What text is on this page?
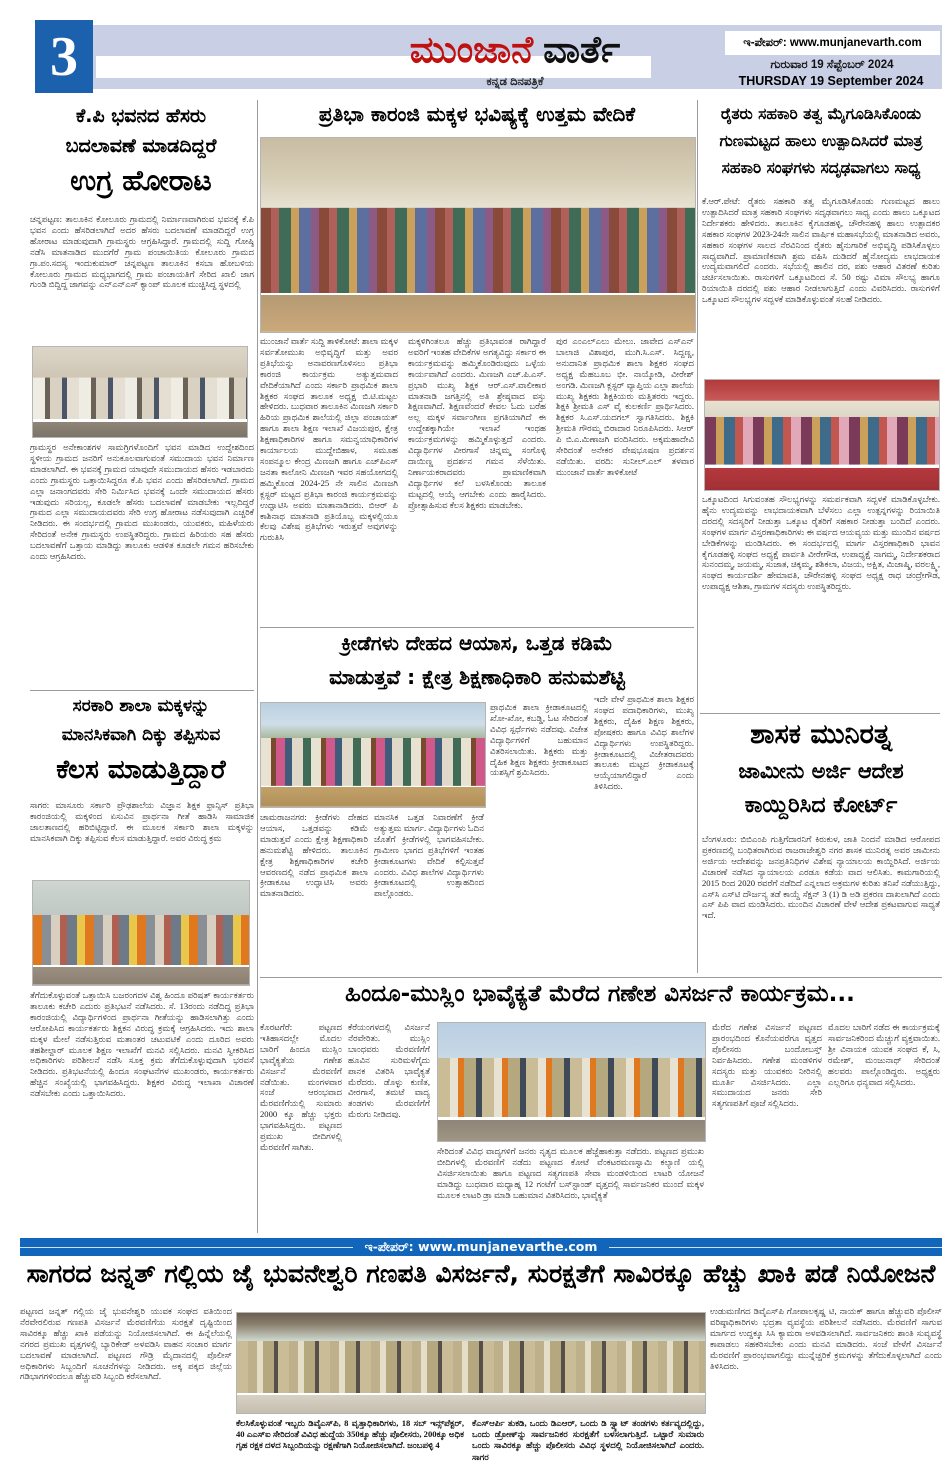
3	ಮುಂಜಾನೆ ವಾರ್ತೆ
ಕನ್ನಡ ದಿನಪತ್ರಿಕೆ
ಇ-ಪೇಪರ್: www.munjanevarth.com
ಗುರುವಾರ 19 ಸೆಪ್ಟೆಂಬರ್ 2024
THURSDAY 19 September 2024
ಕೆ.ಪಿ ಭವನದ ಹೆಸರು
ಬದಲಾವಣೆ ಮಾಡದಿದ್ದರೆ
ಉಗ್ರ ಹೋರಾಟ
ಚನ್ನಪಟ್ಟಣ: ತಾಲೂಕಿನ ಕೋಲೂರು ಗ್ರಾಮದಲ್ಲಿ ನಿರ್ಮಾಣವಾಗಿರುವ ಭವನಕ್ಕೆ ಕೆ.ಪಿ ಭವನ ಎಂದು ಹೆಸರಿಡಲಾಗಿದೆ ಅದರ ಹೆಸರು ಬದಲಾವಣೆ ಮಾಡದಿದ್ದರೆ ಉಗ್ರ ಹೋರಾಟ ಮಾಡುವುದಾಗಿ ಗ್ರಾಮಸ್ಥರು ಆಗ್ರಹಿಸಿದ್ದಾರೆ. ಗ್ರಾಮದಲ್ಲಿ ಸುದ್ದಿ ಗೋಷ್ಠಿ ನಡೆಸಿ ಮಾತನಾಡಿದ ಮುದಗೆರೆ ಗ್ರಾಮ ಪಂಚಾಯಿತಿಯ ಕೋಲೂರು ಗ್ರಾಮದ ಗ್ರಾ.ಪಂ.ಸದಸ್ಯ ಇಂದುಕುಮಾರ್ ಚನ್ನಪಟ್ಟಣ ತಾಲೂಕಿನ ಕಸಬಾ ಹೋಬಳಿಯ ಕೋಲೂರು ಗ್ರಾಮದ ಮಧ್ಯಭಾಗದಲ್ಲಿ ಗ್ರಾಮ ಪಂಚಾಯತಿಗೆ ಸೇರಿದ ಖಾಲಿ ಜಾಗ ಗುಂಡಿ ಬಿದ್ದಿದ್ದ ಜಾಗವನ್ನು ಎನ್‌ಎನ್‌ಎಸ್ ಕ್ಯಾಂಪ್ ಮೂಲಕ ಮುಚ್ಚಿಸಿದ್ದ ಸ್ಥಳದಲ್ಲಿ
ಗ್ರಾಮಸ್ಥರ ಅನೇಕಾಂಶಗಳ ಸಾಮಗ್ರಿಗಳೊಂದಿಗೆ ಭವನ ಮಾಡಿದ ಉದ್ದೇಶದಿಂದ ಸ್ಥಳೀಯ ಗ್ರಾಮದ ಜನರಿಗೆ ಅನುಕೂಲವಾಗುವಂತೆ ಸಮುದಾಯ ಭವನ ನಿರ್ಮಾಣ ಮಾಡಲಾಗಿದೆ. ಈ ಭವನಕ್ಕೆ ಗ್ರಾಮದ ಯಾವುದೇ ಸಮುದಾಯದ ಹೆಸರು ಇಡಬಾರದು ಎಂದು ಗ್ರಾಮಸ್ಥರು ಒತ್ತಾಯಿಸಿದ್ದರೂ ಕೆ.ಪಿ ಭವನ ಎಂದು ಹೆಸರಿಡಲಾಗಿದೆ. ಗ್ರಾಮದ ಎಲ್ಲಾ ಜನಾಂಗದವರು ಸೇರಿ ನಿರ್ಮಿಸಿದ ಭವನಕ್ಕೆ ಒಂದೇ ಸಮುದಾಯದ ಹೆಸರು ಇಡುವುದು ಸರಿಯಲ್ಲ, ಕೂಡಲೇ ಹೆಸರು ಬದಲಾವಣೆ ಮಾಡಬೇಕು ಇಲ್ಲದಿದ್ದರೆ ಗ್ರಾಮದ ಎಲ್ಲಾ ಸಮುದಾಯದವರು ಸೇರಿ ಉಗ್ರ ಹೋರಾಟ ನಡೆಸುವುದಾಗಿ ಎಚ್ಚರಿಕೆ ನೀಡಿದರು. ಈ ಸಂದರ್ಭದಲ್ಲಿ ಗ್ರಾಮದ ಮುಖಂಡರು, ಯುವಕರು, ಮಹಿಳೆಯರು ಸೇರಿದಂತೆ ಅನೇಕ ಗ್ರಾಮಸ್ಥರು ಉಪಸ್ಥಿತರಿದ್ದರು. ಗ್ರಾಮದ ಹಿರಿಯರು ಸಹ ಹೆಸರು ಬದಲಾವಣೆಗೆ ಒತ್ತಾಯ ಮಾಡಿದ್ದು ತಾಲೂಕು ಆಡಳಿತ ಕೂಡಲೇ ಗಮನ ಹರಿಸಬೇಕು ಎಂದು ಆಗ್ರಹಿಸಿದರು.
ಸರಕಾರಿ ಶಾಲಾ ಮಕ್ಕಳನ್ನು
ಮಾನಸಿಕವಾಗಿ ದಿಕ್ಕು ತಪ್ಪಿಸುವ
ಕೆಲಸ ಮಾಡುತ್ತಿದ್ದಾರೆ
ಸಾಗರ: ಮಾಸೂರು ಸರ್ಕಾರಿ ಪ್ರೌಢಶಾಲೆಯ ವಿಜ್ಞಾನ ಶಿಕ್ಷಕ ಫ್ರಾನ್ಸಿಸ್ ಪ್ರತಿಭಾ ಕಾರಂಜಿಯಲ್ಲಿ ಮಕ್ಕಳಿಂದ ಏಸುವಿನ ಪ್ರಾರ್ಥನಾ ಗೀತೆ ಹಾಡಿಸಿ ಸಾಮಾಜಿಕ ಜಾಲತಾಣದಲ್ಲಿ ಹರಿಬಿಟ್ಟಿದ್ದಾರೆ. ಈ ಮೂಲಕ ಸರ್ಕಾರಿ ಶಾಲಾ ಮಕ್ಕಳನ್ನು ಮಾನಸಿಕವಾಗಿ ದಿಕ್ಕು ತಪ್ಪಿಸುವ ಕೆಲಸ ಮಾಡುತ್ತಿದ್ದಾರೆ. ಅವರ ವಿರುದ್ಧ ಕ್ರಮ
ತೆಗೆದುಕೊಳ್ಳುವಂತೆ ಒತ್ತಾಯಿಸಿ ಬಜರಂಗದಳ ವಿಶ್ವ ಹಿಂದೂ ಪರಿಷತ್ ಕಾರ್ಯಕರ್ತರು ತಾಲೂಕು ಕಚೇರಿ ಎದುರು ಪ್ರತಿಭಟನೆ ನಡೆಸಿದರು. ಸೆ. 13ರಂದು ನಡೆದಿದ್ದ ಪ್ರತಿಭಾ ಕಾರಂಜಿಯಲ್ಲಿ ವಿದ್ಯಾರ್ಥಿಗಳಿಂದ ಪ್ರಾರ್ಥನಾ ಗೀತೆಯನ್ನು ಹಾಡಿಸಲಾಗಿತ್ತು ಎಂದು ಆರೋಪಿಸಿದ ಕಾರ್ಯಕರ್ತರು ಶಿಕ್ಷಕನ ವಿರುದ್ಧ ಕ್ರಮಕ್ಕೆ ಆಗ್ರಹಿಸಿದರು. ಇದು ಶಾಲಾ ಮಕ್ಕಳ ಮೇಲೆ ನಡೆಸುತ್ತಿರುವ ಮತಾಂತರ ಚಟುವಟಿಕೆ ಎಂದು ದೂರಿದ ಅವರು ತಹಶೀಲ್ದಾರ್ ಮೂಲಕ ಶಿಕ್ಷಣ ಇಲಾಖೆಗೆ ಮನವಿ ಸಲ್ಲಿಸಿದರು. ಮನವಿ ಸ್ವೀಕರಿಸಿದ ಅಧಿಕಾರಿಗಳು ಪರಿಶೀಲನೆ ನಡೆಸಿ ಸೂಕ್ತ ಕ್ರಮ ತೆಗೆದುಕೊಳ್ಳುವುದಾಗಿ ಭರವಸೆ ನೀಡಿದರು. ಪ್ರತಿಭಟನೆಯಲ್ಲಿ ಹಿಂದೂ ಸಂಘಟನೆಗಳ ಮುಖಂಡರು, ಕಾರ್ಯಕರ್ತರು ಹೆಚ್ಚಿನ ಸಂಖ್ಯೆಯಲ್ಲಿ ಭಾಗವಹಿಸಿದ್ದರು. ಶಿಕ್ಷಕರ ವಿರುದ್ಧ ಇಲಾಖಾ ವಿಚಾರಣೆ ನಡೆಸಬೇಕು ಎಂದು ಒತ್ತಾಯಿಸಿದರು.
ಪ್ರತಿಭಾ ಕಾರಂಜಿ ಮಕ್ಕಳ ಭವಿಷ್ಯಕ್ಕೆ ಉತ್ತಮ ವೇದಿಕೆ
ಮುಂಜಾನೆ ವಾರ್ತೆ ಸುದ್ದಿ ತಾಳಿಕೋಟೆ: ಶಾಲಾ ಮಕ್ಕಳ ಸರ್ವತೋಮುಖ ಅಭಿವೃದ್ಧಿಗೆ ಮತ್ತು ಅವರ ಪ್ರತಿಭೆಯನ್ನು ಅನಾವರಣಗೊಳಿಸಲು ಪ್ರತಿಭಾ ಕಾರಂಜಿ ಕಾರ್ಯಕ್ರಮ ಅತ್ಯುತ್ತಮವಾದ ವೇದಿಕೆಯಾಗಿದೆ ಎಂದು ಸರ್ಕಾರಿ ಪ್ರಾಥಮಿಕ ಶಾಲಾ ಶಿಕ್ಷಕರ ಸಂಘದ ತಾಲೂಕ ಅಧ್ಯಕ್ಷ ಬಿ.ಟಿ.ಮಟ್ಟಲ ಹೇಳಿದರು. ಬುಧವಾರ ತಾಲೂಕಿನ ಮಿಣಜಗಿ ಸರ್ಕಾರಿ ಹಿರಿಯ ಪ್ರಾಥಮಿಕ ಶಾಲೆಯಲ್ಲಿ ಜಿಲ್ಲಾ ಪಂಚಾಯತ್ ಹಾಗೂ ಶಾಲಾ ಶಿಕ್ಷಣ ಇಲಾಖೆ ವಿಜಯಪುರ, ಕ್ಷೇತ್ರ ಶಿಕ್ಷಣಾಧಿಕಾರಿಗಳ ಹಾಗೂ ಸಮನ್ವಯಾಧಿಕಾರಿಗಳ ಕಾರ್ಯಾಲಯ ಮುದ್ದೇಬಿಹಾಳ, ಸಮೂಹ ಸಂಪನ್ಮೂಲ ಕೇಂದ್ರ ಮಿಣಜಗಿ ಹಾಗೂ ಎಚ್‌ಪಿಎಸ್ ಜನತಾ ಕಾಲೋನಿ ಮಿಣಜಗಿ ಇವರ ಸಹಯೋಗದಲ್ಲಿ ಹಮ್ಮಿಕೊಂಡ 2024-25 ನೇ ಸಾಲಿನ ಮಿಣಜಗಿ ಕ್ಲಸ್ಟರ್ ಮಟ್ಟದ ಪ್ರತಿಭಾ ಕಾರಂಜಿ ಕಾರ್ಯಕ್ರಮವನ್ನು ಉದ್ಘಾಟಿಸಿ ಅವರು ಮಾತಾನಾಡಿದರು. ಬಿಆರ್ ಪಿ ಕಾಶಿನಾಥ ಮಾತನಾಡಿ ಪ್ರತಿಯೊಬ್ಬ ಮಕ್ಕಳಲ್ಲಿಯೂ ಕೆಲವು ವಿಶೇಷ ಪ್ರತಿಭೆಗಳು ಇರುತ್ತವೆ ಅವುಗಳನ್ನು ಗುರುತಿಸಿ
ಮಕ್ಕಳಿಗಿಂತಲೂ ಹೆಚ್ಚು ಪ್ರತಿಭಾವಂತ ರಾಗಿದ್ದಾರೆ ಅವರಿಗೆ ಇಂತಹ ವೇದಿಕೆಗಳ ಅಗತ್ಯವಿದ್ದು ಸರ್ಕಾರ ಈ ಕಾರ್ಯಕ್ರಮವನ್ನು ಹಮ್ಮಿಕೊಂಡಿರುವುದು ಒಳ್ಳೆಯ ಕಾರ್ಯವಾಗಿದೆ ಎಂದರು. ಮಿಣಜಗಿ ಎಚ್.ಪಿ.ಎಸ್. ಪ್ರಭಾರಿ ಮುಖ್ಯ ಶಿಕ್ಷಕ ಆರ್.ಎಸ್.ವಾಲೀಕಾರ ಮಾತನಾಡಿ ಜಗತ್ತಿನಲ್ಲಿ ಅತಿ ಶ್ರೇಷ್ಠವಾದ ವಸ್ತು ಶಿಕ್ಷಣವಾಗಿದೆ. ಶಿಕ್ಷಣವೆಂದರೆ ಕೇವಲ ಓದು ಬರೆಹ ಅಲ್ಲ ಮಕ್ಕಳ ಸರ್ವಾಂಗೀಣ ಪ್ರಗತಿಯಾಗಿದೆ ಈ ಉದ್ದೇಶಕ್ಕಾಗಿಯೇ ಇಲಾಖೆ ಇಂಥಹ ಕಾರ್ಯಕ್ರಮಗಳನ್ನು ಹಮ್ಮಿಕೊಳ್ಳುತ್ತದೆ ಎಂದರು. ವಿದ್ಯಾರ್ಥಿಗಳ ವೀರಗಾಸೆ ಚಿನ್ನಮ್ಮ ಸಂಗೊಳ್ಳಿ ದಾಯಿಣ್ಣ ಪ್ರದರ್ಶನ ಗಮನ ಸೆಳೆಯಿತು. ನಿರ್ಣಾಯಕರಾದವರು ಪ್ರಾಮಾಣಿಕವಾಗಿ ವಿದ್ಯಾರ್ಥಿಗಳ ಕಲೆ ಬಳಸಿಕೊಂಡು ತಾಲೂಕ ಮಟ್ಟದಲ್ಲಿ ಆಯ್ಕೆ ಆಗಬೇಕು ಎಂದು ಹಾರೈಸಿದರು. ಪ್ರೋತ್ಸಾಹಿಸುವ ಕೆಲಸ ಶಿಕ್ಷಕರು ಮಾಡಬೇಕು.
ಪುರ ಎಂಎಲ್‌ಎಲು ಮೇಲು. ಜಾವೇದ ಎಸ್‌ಎನ್ ಬಾಲಾಜಿ ವಿಶಾಪುರ, ಮುಗಿ.ಸಿ.ಎಸ್. ಸಿದ್ದಣ್ಣ, ಅನುದಾನಿತ ಪ್ರಾಥಮಿಕ ಶಾಲಾ ಶಿಕ್ಷಕರ ಸಂಘದ ಅಧ್ಯಕ್ಷ ಮೆಹಬೂಬ ಭೀ. ನಾಯ್ಕೋಡಿ, ವೀರೇಶ್ ಅಂಗಡಿ. ಮಿಣಜಗಿ ಕ್ಲಸ್ಟರ್ ವ್ಯಾಪ್ತಿಯ ಎಲ್ಲಾ ಶಾಲೆಯ ಮುಖ್ಯ ಶಿಕ್ಷಕರು ಶಿಕ್ಷಕಿಯರು ಮತ್ತಿತರರು ಇದ್ದರು. ಶಿಕ್ಷಕಿ ಶ್ರೀಮತಿ ಎಸ್ ವೈ ಕುಲಕರ್ಣಿ ಪ್ರಾರ್ಥಿಸಿದರು. ಶಿಕ್ಷಕರ ಸಿ.ಎಸ್.ಯದಗಲ್ ಸ್ವಾಗತಿಸಿದರು. ಶಿಕ್ಷಕಿ ಶ್ರೀಮತಿ ಗೌರಮ್ಮ ಬಿರಾದಾರ ನಿರೂಪಿಸಿದರು. ಸಿಆರ್ ಪಿ ಬಿ.ಎ.ಮಿಣಾಜಗಿ ವಂದಿಸಿದರು. ಅಕ್ಕಮಹಾದೇವಿ ಸೇರಿದಂತೆ ಅನೇಕರ ವೇಷಭೂಷಣ ಪ್ರದರ್ಶನ ನಡೆಯಿತು. ವರದಿ: ಸುನೀಲ್.ಎಲ್ ತಳವಾರ ಮುಂಜಾನೆ ವಾರ್ತೆ ತಾಳಿಕೋಟೆ
ಕ್ರೀಡೆಗಳು ದೇಹದ ಆಯಾಸ, ಒತ್ತಡ ಕಡಿಮೆ
ಮಾಡುತ್ತವೆ : ಕ್ಷೇತ್ರ ಶಿಕ್ಷಣಾಧಿಕಾರಿ ಹನುಮಶೆಟ್ಟಿ
ಚಾಮರಾಜನಗರ: ಕ್ರೀಡೆಗಳು ದೇಹದ ಆಯಾಸ, ಒತ್ತಡವನ್ನು ಕಡಿಮೆ ಮಾಡುತ್ತವೆ ಎಂದು ಕ್ಷೇತ್ರ ಶಿಕ್ಷಣಾಧಿಕಾರಿ ಹನುಮಶೆಟ್ಟಿ ಹೇಳಿದರು. ತಾಲೂಕಿನ ಕ್ಷೇತ್ರ ಶಿಕ್ಷಣಾಧಿಕಾರಿಗಳ ಕಚೇರಿ ಆವರಣದಲ್ಲಿ ನಡೆದ ಪ್ರಾಥಮಿಕ ಶಾಲಾ ಕ್ರೀಡಾಕೂಟ ಉದ್ಘಾಟಿಸಿ ಅವರು ಮಾತನಾಡಿದರು.
ಮಾನಸಿಕ ಒತ್ತಡ ನಿವಾರಣೆಗೆ ಕ್ರೀಡೆ ಅತ್ಯುತ್ತಮ ಮಾರ್ಗ. ವಿದ್ಯಾರ್ಥಿಗಳು ಓದಿನ ಜೊತೆಗೆ ಕ್ರೀಡೆಗಳಲ್ಲಿ ಭಾಗವಹಿಸಬೇಕು. ಗ್ರಾಮೀಣ ಭಾಗದ ಪ್ರತಿಭೆಗಳಿಗೆ ಇಂತಹ ಕ್ರೀಡಾಕೂಟಗಳು ವೇದಿಕೆ ಕಲ್ಪಿಸುತ್ತವೆ ಎಂದರು. ವಿವಿಧ ಶಾಲೆಗಳ ವಿದ್ಯಾರ್ಥಿಗಳು ಕ್ರೀಡಾಕೂಟದಲ್ಲಿ ಉತ್ಸಾಹದಿಂದ ಪಾಲ್ಗೊಂಡರು.
ಪ್ರಾಥಮಿಕ ಶಾಲಾ ಕ್ರೀಡಾಕೂಟದಲ್ಲಿ ಖೋ-ಖೋ, ಕಬಡ್ಡಿ, ಓಟ ಸೇರಿದಂತೆ ವಿವಿಧ ಸ್ಪರ್ಧೆಗಳು ನಡೆದವು. ವಿಜೇತ ವಿದ್ಯಾರ್ಥಿಗಳಿಗೆ ಬಹುಮಾನ ವಿತರಿಸಲಾಯಿತು. ಶಿಕ್ಷಕರು ಮತ್ತು ದೈಹಿಕ ಶಿಕ್ಷಣ ಶಿಕ್ಷಕರು ಕ್ರೀಡಾಕೂಟದ ಯಶಸ್ಸಿಗೆ ಶ್ರಮಿಸಿದರು.
ಇದೇ ವೇಳೆ ಪ್ರಾಥಮಿಕ ಶಾಲಾ ಶಿಕ್ಷಕರ ಸಂಘದ ಪದಾಧಿಕಾರಿಗಳು, ಮುಖ್ಯ ಶಿಕ್ಷಕರು, ದೈಹಿಕ ಶಿಕ್ಷಣ ಶಿಕ್ಷಕರು, ಪೋಷಕರು ಹಾಗೂ ವಿವಿಧ ಶಾಲೆಗಳ ವಿದ್ಯಾರ್ಥಿಗಳು ಉಪಸ್ಥಿತರಿದ್ದರು. ಕ್ರೀಡಾಕೂಟದಲ್ಲಿ ವಿಜೇತರಾದವರು ತಾಲೂಕು ಮಟ್ಟದ ಕ್ರೀಡಾಕೂಟಕ್ಕೆ ಆಯ್ಕೆಯಾಗಲಿದ್ದಾರೆ ಎಂದು ತಿಳಿಸಿದರು.
ರೈತರು ಸಹಕಾರಿ ತತ್ವ ಮೈಗೂಡಿಸಿಕೊಂಡು
ಗುಣಮಟ್ಟದ ಹಾಲು ಉತ್ಪಾದಿಸಿದರೆ ಮಾತ್ರ
ಸಹಕಾರಿ ಸಂಘಗಳು ಸದೃಢವಾಗಲು ಸಾಧ್ಯ
ಕೆ.ಆರ್.ಪೇಟೆ: ರೈತರು ಸಹಕಾರಿ ತತ್ವ ಮೈಗೂಡಿಸಿಕೊಂಡು ಗುಣಮಟ್ಟದ ಹಾಲು ಉತ್ಪಾದಿಸಿದರೆ ಮಾತ್ರ ಸಹಕಾರಿ ಸಂಘಗಳು ಸದೃಢವಾಗಲು ಸಾಧ್ಯ ಎಂದು ಹಾಲು ಒಕ್ಕೂಟದ ನಿರ್ದೇಶಕರು ಹೇಳಿದರು. ತಾಲೂಕಿನ ಕೈಗೂಡಹಳ್ಳಿ, ಚೌರೇನಹಳ್ಳಿ ಹಾಲು ಉತ್ಪಾದಕರ ಸಹಕಾರ ಸಂಘಗಳ 2023-24ನೇ ಸಾಲಿನ ವಾರ್ಷಿಕ ಮಹಾಸಭೆಯಲ್ಲಿ ಮಾತನಾಡಿದ ಅವರು, ಸಹಕಾರ ಸಂಘಗಳ ಸಾಲದ ನೆರವಿನಿಂದ ರೈತರು ಹೈನುಗಾರಿಕೆ ಅಭಿವೃದ್ಧಿ ಪಡಿಸಿಕೊಳ್ಳಲು ಸಾಧ್ಯವಾಗಿದೆ. ಪ್ರಾಮಾಣಿಕವಾಗಿ ಶ್ರಮ ವಹಿಸಿ ದುಡಿದರೆ ಹೈನೋದ್ಯಮ ಲಾಭದಾಯಕ ಉದ್ಯಮವಾಗಲಿದೆ ಎಂದರು. ಸಭೆಯಲ್ಲಿ ಹಾಲಿನ ದರ, ಪಶು ಆಹಾರ ವಿತರಣೆ ಕುರಿತು ಚರ್ಚಿಸಲಾಯಿತು. ರಾಸುಗಳಿಗೆ ಒಕ್ಕೂಟದಿಂದ ಸೆ. 50 ರಷ್ಟು ವಿಮಾ ಸೌಲಭ್ಯ ಹಾಗೂ ರಿಯಾಯಿತಿ ದರದಲ್ಲಿ ಪಶು ಆಹಾರ ನೀಡಲಾಗುತ್ತಿದೆ ಎಂದು ವಿವರಿಸಿದರು. ರಾಸುಗಳಿಗೆ ಒಕ್ಕೂಟದ ಸೌಲಭ್ಯಗಳ ಸದ್ಬಳಕೆ ಮಾಡಿಕೊಳ್ಳುವಂತೆ ಸಲಹೆ ನೀಡಿದರು.
ಒಕ್ಕೂಟದಿಂದ ಸಿಗುವಂತಹ ಸೌಲಭ್ಯಗಳನ್ನು ಸಮರ್ಪಕವಾಗಿ ಸದ್ಬಳಕೆ ಮಾಡಿಕೊಳ್ಳಬೇಕು. ಹೈನು ಉದ್ಯಮವನ್ನು ಲಾಭದಾಯಕವಾಗಿ ಬೆಳೆಸಲು ಎಲ್ಲಾ ಉತ್ಪನ್ನಗಳನ್ನು ರಿಯಾಯಿತಿ ದರದಲ್ಲಿ ಸದಸ್ಯರಿಗೆ ನೀಡುತ್ತಾ ಒಕ್ಕೂಟ ರೈತರಿಗೆ ಸಹಕಾರ ನೀಡುತ್ತಾ ಬಂದಿದೆ ಎಂದರು. ಸಂಘಗಳ ಮಾರ್ಗ ವಿಸ್ತರಣಾಧಿಕಾರಿಗಳು ಈ ವರ್ಷದ ಆಯವ್ಯಯ ಮತ್ತು ಮುಂದಿನ ವರ್ಷದ ಬೇಡಿಕೆಗಳನ್ನು ಮಂಡಿಸಿದರು. ಈ ಸಂದರ್ಭದಲ್ಲಿ ಮಾರ್ಗ ವಿಸ್ತರಣಾಧಿಕಾರಿ ಭಾವನ ಕೈಗೂಡಹಳ್ಳಿ ಸಂಘದ ಅಧ್ಯಕ್ಷೆ ಪಾರ್ವತಿ ವೀರೇಗೌಡ, ಉಪಾಧ್ಯಕ್ಷೆ ನಾಗಮ್ಮ, ನಿರ್ದೇಶಕರಾದ ಸುನಂದಮ್ಮ, ಜಯಮ್ಮ, ಸುಜಾತ, ಚಿಕ್ಕಮ್ಮ, ಶಶಿಕಲಾ, ವಿಜಯ, ಅಕ್ಷಿತ, ಮಿಜಾಷ್ಮಿ, ವರಲಕ್ಷ್ಮಿ, ಸಂಘದ ಕಾರ್ಯದರ್ಶಿ ಹೇಮಾವತಿ, ಚೌರೇನಹಳ್ಳಿ ಸಂಘದ ಅಧ್ಯಕ್ಷ ರಾಧ ಚಂದ್ರೇಗೌಡ, ಉಪಾಧ್ಯಕ್ಷ ಆಶಿತಾ, ಗ್ರಾಮಗಳ ಸದಸ್ಯರು ಉಪಸ್ಥಿತರಿದ್ದರು.
ಶಾಸಕ ಮುನಿರತ್ನ
ಜಾಮೀನು ಅರ್ಜಿ ಆದೇಶ
ಕಾಯ್ದಿರಿಸಿದ ಕೋರ್ಟ್
ಬೆಂಗಳೂರು: ಬಿಬಿಎಂಪಿ ಗುತ್ತಿಗೆದಾರನಿಗೆ ಕಿರುಕುಳ, ಜಾತಿ ನಿಂದನೆ ಮಾಡಿದ ಆರೋಪದ ಪ್ರಕರಣದಲ್ಲಿ ಬಂಧಿತರಾಗಿರುವ ರಾಜರಾಜೇಶ್ವರಿ ನಗರ ಶಾಸಕ ಮುನಿರತ್ನ ಅವರ ಜಾಮೀನು ಅರ್ಜಿಯ ಆದೇಶವನ್ನು ಜನಪ್ರತಿನಿಧಿಗಳ ವಿಶೇಷ ನ್ಯಾಯಾಲಯ ಕಾಯ್ದಿರಿಸಿದೆ. ಅರ್ಜಿಯ ವಿಚಾರಣೆ ನಡೆಸಿದ ನ್ಯಾಯಾಲಯ ಎರಡೂ ಕಡೆಯ ವಾದ ಆಲಿಸಿತು. ಕಾಮಗಾರಿಯಲ್ಲಿ 2015 ರಿಂದ 2020 ರವರೆಗೆ ನಡೆದಿದೆ ಎನ್ನಲಾದ ಅಕ್ರಮಗಳ ಕುರಿತು ತನಿಖೆ ನಡೆಯುತ್ತಿದ್ದು, ಎಸ್‌ಸಿ ಎಸ್‌ಟಿ ದೌರ್ಜನ್ಯ ತಡೆ ಕಾಯ್ದೆ ಸೆಕ್ಷನ್ 3 (1) ಡಿ ಅಡಿ ಪ್ರಕರಣ ದಾಖಲಾಗಿದೆ ಎಂದು ಎಸ್ ಪಿಪಿ ವಾದ ಮಂಡಿಸಿದರು. ಮುಂದಿನ ವಿಚಾರಣೆ ವೇಳೆ ಆದೇಶ ಪ್ರಕಟವಾಗುವ ಸಾಧ್ಯತೆ ಇದೆ.
ಹಿಂದೂ-ಮುಸ್ಲಿಂ ಭಾವೈಕ್ಯತೆ ಮೆರೆದ ಗಣೇಶ ವಿಸರ್ಜನೆ ಕಾರ್ಯಕ್ರಮ...
ಕೊರಟಗೆರೆ: ಪಟ್ಟಣದ ಇತಿಹಾಸದಲ್ಲೇ ಮೊದಲ ಬಾರಿಗೆ ಹಿಂದೂ ಮುಸ್ಲಿಂ ಭಾವೈಕ್ಯತೆಯ ಗಣೇಶ ವಿಸರ್ಜನೆ ಮೆರವಣಿಗೆ ನಡೆಯಿತು. ಮಂಗಳವಾರ ಸಂಜೆ ಆರಂಭವಾದ ಮೆರವಣಿಗೆಯಲ್ಲಿ ಸುಮಾರು 2000 ಕ್ಕೂ ಹೆಚ್ಚು ಭಕ್ತರು ಭಾಗವಹಿಸಿದ್ದರು. ಪಟ್ಟಣದ ಪ್ರಮುಖ ಬೀದಿಗಳಲ್ಲಿ ಮೆರವಣಿಗೆ ಸಾಗಿತು.
ಕೆರೆಯಂಗಳದಲ್ಲಿ ವಿಸರ್ಜನೆ ನೆರವೇರಿತು. ಮುಸ್ಲಿಂ ಬಾಂಧವರು ಮೆರವಣಿಗೆಗೆ ಹೂವಿನ ಸುರಿಮಳೆಗೈದು ಪಾನಕ ವಿತರಿಸಿ ಭಾವೈಕ್ಯತೆ ಮೆರೆದರು. ಡೊಳ್ಳು ಕುಣಿತ, ವೀರಗಾಸೆ, ತಮಟೆ ವಾದ್ಯ ತಂಡಗಳು ಮೆರವಣಿಗೆಗೆ ಮೆರುಗು ನೀಡಿದವು.
ಸೇರಿದಂತೆ ವಿವಿಧ ವಾದ್ಯಗಳಿಗೆ ಜನರು ನೃತ್ಯದ ಮೂಲಕ ಹೆಜ್ಜೆಹಾಕುತ್ತಾ ನಡೆದರು. ಪಟ್ಟಣದ ಪ್ರಮುಖ ಬೀದಿಗಳಲ್ಲಿ ಮೆರವಣಿಗೆ ನಡೆದು ಪಟ್ಟಣದ ಕೋಟೆ ವೆಂಕಟರಮಣಸ್ವಾಮಿ ಕಲ್ಯಾಣಿ ಯಲ್ಲಿ ವಿಸರ್ಜಿಸಲಾಯಿತು ಹಾಗೂ ಪಟ್ಟಣದ ಸತ್ಯಗಣಪತಿ ಸೇವಾ ಮಂಡಳಿಯಿಂದ ಲಾಟರಿ ಯೋಜನೆ ಮಾಡಿದ್ದು ಬುಧವಾರ ಮಧ್ಯಾಹ್ನ 12 ಗಂಟೆಗೆ ಬಸ್‌ಸ್ಟಾಂಡ್ ವೃತ್ತದಲ್ಲಿ ಸಾರ್ವಜನಿಕರ ಮುಂದೆ ಮಕ್ಕಳ ಮೂಲಕ ಲಾಟರಿ ಡ್ರಾ ಮಾಡಿ ಬಹುಮಾನ ವಿತರಿಸಿದರು, ಭಾವೈಕ್ಯತೆ
ಮೆರೆದ ಗಣೇಶ ವಿಸರ್ಜನೆ ಪಟ್ಟಣದ ಪ್ರಾರಂಭದಿಂದ ಕೊನೆಯವರೆಗೂ ವೃತ್ತದ ಪೊಲೀಸರು ಬಂದೋಬಸ್ತ್ ನಿರ್ವಹಿಸಿದರು. ಗಣೇಶ ಮಂಡಳಿಗಳ ಸದಸ್ಯರು ಮತ್ತು ಯುವಕರು ನೀರಿನಲ್ಲಿ ಮೂರ್ತಿ ವಿಸರ್ಜಿಸಿದರು. ಎಲ್ಲಾ ಸಮುದಾಯದ ಜನರು ಸೇರಿ ಸತ್ಯಗಣಪತಿಗೆ ಪೂಜೆ ಸಲ್ಲಿಸಿದರು.
ಮೊದಲ ಬಾರಿಗೆ ನಡೆದ ಈ ಕಾರ್ಯಕ್ರಮಕ್ಕೆ ಸಾರ್ವಜನಿಕರಿಂದ ಮೆಚ್ಚುಗೆ ವ್ಯಕ್ತವಾಯಿತು. ಶ್ರೀ ವಿನಾಯಕ ಯುವಕ ಸಂಘದ ಕೆ, ಸಿ, ರಮೇಶ್, ಮಂಜುನಾಥ್ ಸೇರಿದಂತೆ ಹಲವರು ಪಾಲ್ಗೊಂಡಿದ್ದರು. ಅಧ್ಯಕ್ಷರು ಎಲ್ಲರಿಗೂ ಧನ್ಯವಾದ ಸಲ್ಲಿಸಿದರು.
ಇ-ಪೇಪರ್: www.munjanevarthe.com
ಸಾಗರದ ಜನ್ನತ್ ಗಲ್ಲಿಯ ಜೈ ಭುವನೇಶ್ವರಿ ಗಣಪತಿ ವಿಸರ್ಜನೆ, ಸುರಕ್ಷತೆಗೆ ಸಾವಿರಕ್ಕೂ ಹೆಚ್ಚು ಖಾಕಿ ಪಡೆ ನಿಯೋಜನೆ
ಪಟ್ಟಣದ ಜನ್ನತ್ ಗಲ್ಲಿಯ ಜೈ ಭುವನೇಶ್ವರಿ ಯುವಕ ಸಂಘದ ವತಿಯಿಂದ ನೆರವೇರಲಿರುವ ಗಣಪತಿ ವಿಸರ್ಜನೆ ಮೆರವಣಿಗೆಯ ಸುರಕ್ಷತೆ ದೃಷ್ಟಿಯಿಂದ ಸಾವಿರಕ್ಕೂ ಹೆಚ್ಚು ಖಾಕಿ ಪಡೆಯನ್ನು ನಿಯೋಜಿಸಲಾಗಿದೆ. ಈ ಹಿನ್ನೆಲೆಯಲ್ಲಿ ನಗರದ ಪ್ರಮುಖ ವೃತ್ತಗಳಲ್ಲಿ ಬ್ಯಾರಿಕೇಡ್ ಅಳವಡಿಸಿ ವಾಹನ ಸಂಚಾರ ಮಾರ್ಗ ಬದಲಾವಣೆ ಮಾಡಲಾಗಿದೆ. ಪಟ್ಟಣದ ಗೌಡ್ರಿ ಮೈದಾನದಲ್ಲಿ ಪೊಲೀಸ್ ಅಧಿಕಾರಿಗಳು ಸಿಬ್ಬಂದಿಗೆ ಸೂಚನೆಗಳನ್ನು ನೀಡಿದರು. ಅಕ್ಕ ಪಕ್ಕದ ಜಿಲ್ಲೆಯ ಗಡಿಭಾಗಗಳಿಂದಲೂ ಹೆಚ್ಚುವರಿ ಸಿಬ್ಬಂದಿ ಕರೆಸಲಾಗಿದೆ.
ಕೆಲಸಿಕೊಳ್ಳುವಂತೆ ಇಬ್ಬರು ಡಿವೈಎಸ್‌ಪಿ, 8 ವೃತ್ತಾಧಿಕಾರಿಗಳು, 18 ಸಬ್ ಇನ್ಸ್‌ಪೆಕ್ಟರ್, 40 ಎಎಸ್‌ಐ ಸೇರಿದಂತೆ ವಿವಿಧ ಹುದ್ದೆಯ 350ಕ್ಕೂ ಹೆಚ್ಚು ಪೊಲೀಸರು, 200ಕ್ಕೂ ಅಧಿಕ ಗೃಹ ರಕ್ಷಕ ದಳದ ಸಿಬ್ಬಂದಿಯನ್ನು ರಕ್ಷಣೆಗಾಗಿ ನಿಯೋಜಿಸಲಾಗಿದೆ. ಜಂಬಪಳ್ಳಿ 4
ಕೆಎಸ್‌ಆರ್ಪಿ ತುಕಡಿ, ಒಂದು ಡಿಎಆರ್, ಒಂದು ಡಿ ಸ್ವ್ಯಾಟ್ ತಂಡಗಳು ಕರ್ತವ್ಯದಲ್ಲಿದ್ದು, ಒಂದು ಡ್ರೋಣ್‌ನ್ನು ಸಾರ್ವಜನಿಕರ ಸುರಕ್ಷತೆಗೆ ಬಳಸಲಾಗುತ್ತಿದೆ. ಒಟ್ಟಾರೆ ಸುಮಾರು ಒಂದು ಸಾವಿರಕ್ಕೂ ಹೆಚ್ಚು ಪೊಲೀಸರು ವಿವಿಧ ಸ್ಥಳದಲ್ಲಿ ನಿಯೋಜಿಸಲಾಗಿದೆ ಎಂದರು. ಸಾಗರ
ಉಡುಮಣಿಗದ ಡಿವೈಎಸ್‌ಪಿ ಗೋಪಾಲಕೃಷ್ಣ ಟಿ, ನಾಯಕ್ ಹಾಗೂ ಹೆಚ್ಚುವರಿ ಪೊಲೀಸ್ ವರಿಷ್ಠಾಧಿಕಾರಿಗಳು ಭದ್ರತಾ ವ್ಯವಸ್ಥೆಯ ಪರಿಶೀಲನೆ ನಡೆಸಿದರು. ಮೆರವಣಿಗೆ ಸಾಗುವ ಮಾರ್ಗದ ಉದ್ದಕ್ಕೂ ಸಿಸಿ ಕ್ಯಾಮರಾ ಅಳವಡಿಸಲಾಗಿದೆ. ಸಾರ್ವಜನಿಕರು ಶಾಂತಿ ಸುವ್ಯವಸ್ಥೆ ಕಾಪಾಡಲು ಸಹಕರಿಸಬೇಕು ಎಂದು ಮನವಿ ಮಾಡಿದರು. ಸಂಜೆ ವೇಳೆಗೆ ವಿಸರ್ಜನೆ ಮೆರವಣಿಗೆ ಪ್ರಾರಂಭವಾಗಲಿದ್ದು ಮುನ್ನೆಚ್ಚರಿಕೆ ಕ್ರಮಗಳನ್ನು ತೆಗೆದುಕೊಳ್ಳಲಾಗಿದೆ ಎಂದು ತಿಳಿಸಿದರು.
